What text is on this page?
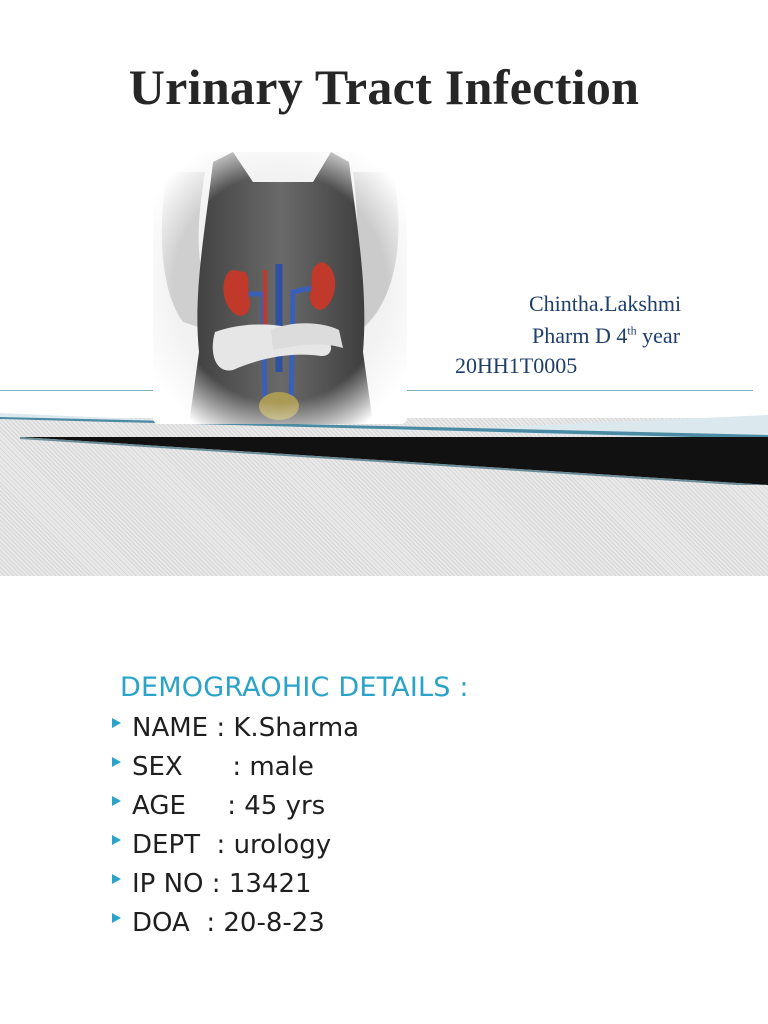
Urinary Tract Infection

Chintha.Lakshmi

Pharm D 4th year

20HH1T0005

DEMOGRAOHIC DETAILS :
NAME : K.Sharma
SEX      : male
AGE     : 45 yrs
DEPT  : urology
IP NO : 13421
DOA  : 20-8-23
